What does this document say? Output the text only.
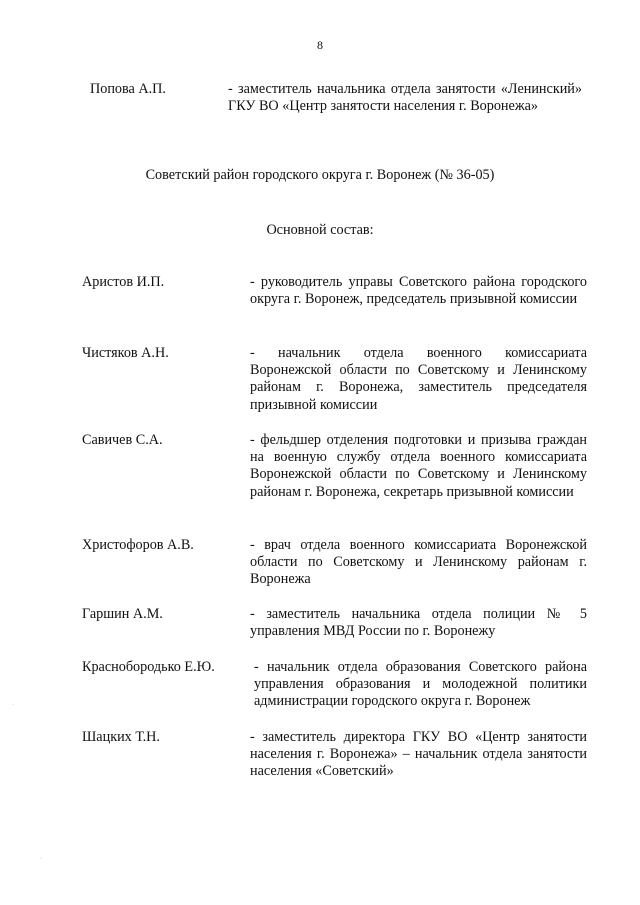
8
Попова А.П.	- заместитель начальника отдела занятости «Ленинский» ГКУ ВО «Центр занятости населения г. Воронежа»
Советский район городского округа г. Воронеж (№ 36-05)
Основной состав:
Аристов И.П.	- руководитель управы Советского района городского округа г. Воронеж, председатель призывной комиссии
Чистяков А.Н.	- начальник отдела военного комиссариата Воронежской области по Советскому и Ленинскому районам г. Воронежа, заместитель председателя призывной комиссии
Савичев С.А.	- фельдшер отделения подготовки и призыва граждан на военную службу отдела военного комиссариата Воронежской области по Советскому и Ленинскому районам г. Воронежа, секретарь призывной комиссии
Христофоров А.В.	- врач отдела военного комиссариата Воронежской области по Советскому и Ленинскому районам г. Воронежа
Гаршин А.М.	- заместитель начальника отдела полиции № 5 управления МВД России по г. Воронежу
Краснобородько Е.Ю.	- начальник отдела образования Советского района управления образования и молодежной политики администрации городского округа г. Воронеж
Шацких Т.Н.	- заместитель директора ГКУ ВО «Центр занятости населения г. Воронежа» – начальник отдела занятости населения «Советский»
·
·
